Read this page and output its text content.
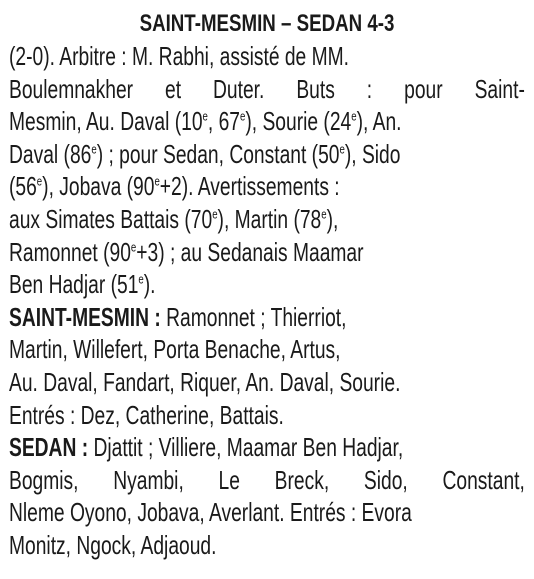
SAINT-MESMIN – SEDAN 4-3
(2-0). Arbitre : M. Rabhi, assisté de MM.
Boulemnakher et Duter. Buts : pour Saint-
Mesmin, Au. Daval (10e, 67e), Sourie (24e), An.
Daval (86e) ; pour Sedan, Constant (50e), Sido
(56e), Jobava $(90^e+2)$. Avertissements :
aux Simates Battais (70e), Martin (78e),
Ramonnet $(90^e+3)$ ; au Sedanais Maamar
Ben Hadjar (51e).
SAINT-MESMIN : Ramonnet ; Thierriot,
Martin, Willefert, Porta Benache, Artus,
Au. Daval, Fandart, Riquer, An. Daval, Sourie.
Entrés : Dez, Catherine, Battais.
SEDAN : Djattit ; Villiere, Maamar Ben Hadjar,
Bogmis, Nyambi, Le Breck, Sido, Constant,
Nleme Oyono, Jobava, Averlant. Entrés : Evora
Monitz, Ngock, Adjaoud.
